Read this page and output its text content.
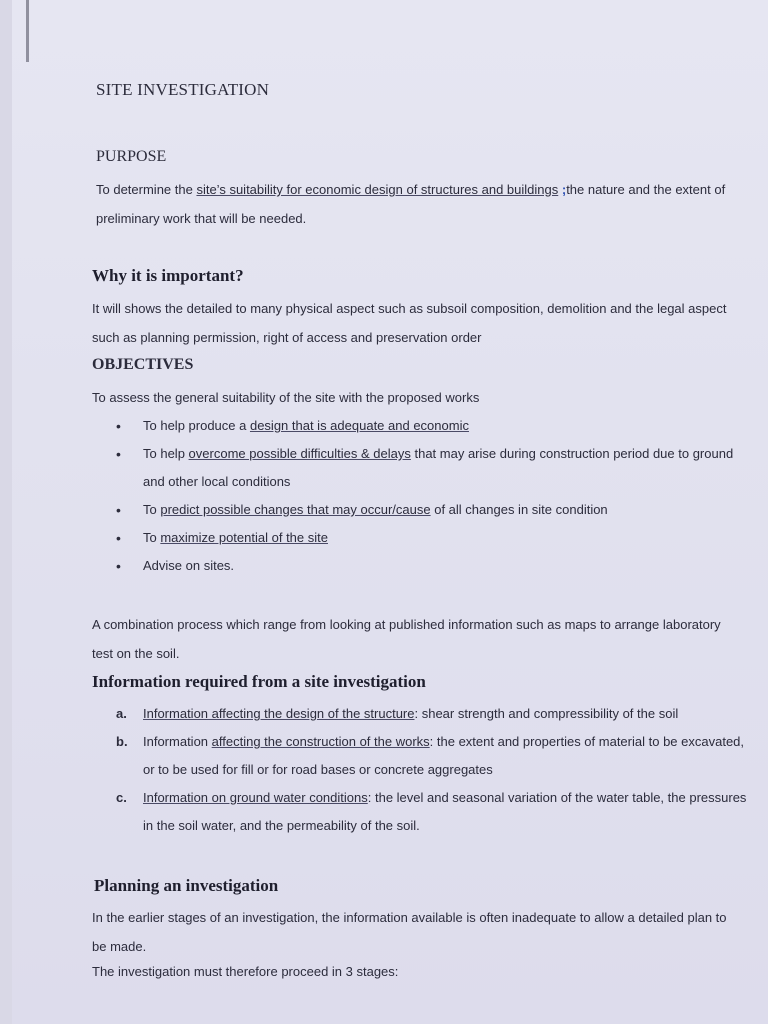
SITE INVESTIGATION
PURPOSE
To determine the site’s suitability for economic design of structures and buildings ;the nature and the extent of preliminary work that will be needed.
Why it is important?
It will shows the detailed to many physical aspect such as subsoil composition, demolition and the legal aspect such as planning permission, right of access and preservation order
OBJECTIVES
To assess the general suitability of the site with the proposed works
• To help produce a design that is adequate and economic
• To help overcome possible difficulties & delays that may arise during construction period due to ground and other local conditions
• To predict possible changes that may occur/cause of all changes in site condition
• To maximize potential of the site
• Advise on sites.
A combination process which range from looking at published information such as maps to arrange laboratory test on the soil.
Information required from a site investigation
a. Information affecting the design of the structure: shear strength and compressibility of the soil
b. Information affecting the construction of the works: the extent and properties of material to be excavated, or to be used for fill or for road bases or concrete aggregates
c. Information on ground water conditions: the level and seasonal variation of the water table, the pressures in the soil water, and the permeability of the soil.
Planning an investigation
In the earlier stages of an investigation, the information available is often inadequate to allow a detailed plan to be made.
The investigation must therefore proceed in 3 stages:
